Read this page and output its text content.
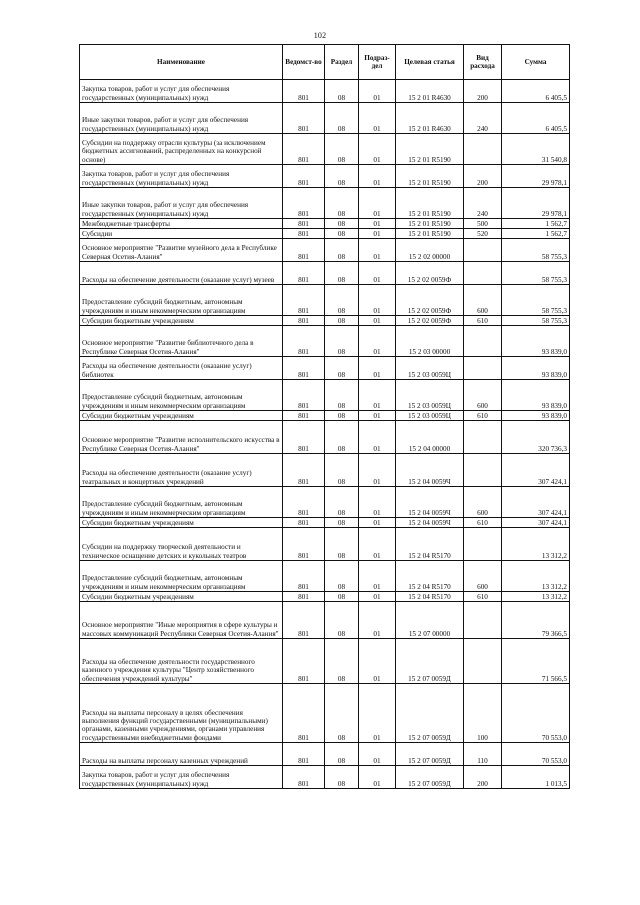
102
Наименование	Ведомст-во	Раздел	Подраз-дел	Целевая статья	Вид расхода	Сумма
Закупка товаров, работ и услуг для обеспечения государственных (муниципальных) нужд	801	08	01	15 2 01 R4630	200	6 405,5
Иные закупки товаров, работ и услуг для обеспечения государственных (муниципальных) нужд	801	08	01	15 2 01 R4630	240	6 405,5
Субсидии на поддержку отрасли культуры (за исключением бюджетных ассигнований, распределенных на конкурсной основе)	801	08	01	15 2 01 R5190		31 540,8
Закупка товаров, работ и услуг для обеспечения государственных (муниципальных) нужд	801	08	01	15 2 01 R5190	200	29 978,1
Иные закупки товаров, работ и услуг для обеспечения государственных (муниципальных) нужд	801	08	01	15 2 01 R5190	240	29 978,1
Межбюджетные трансферты	801	08	01	15 2 01 R5190	500	1 562,7
Субсидии	801	08	01	15 2 01 R5190	520	1 562,7
Основное мероприятие "Развитие музейного дела в Республике Северная Осетия-Алания"	801	08	01	15 2 02 00000		58 755,3
Расходы на обеспечение деятельности (оказание услуг) музеев	801	08	01	15 2 02 0059Ф		58 755,3
Предоставление субсидий бюджетным, автономным учреждениям и иным некоммерческим организациям	801	08	01	15 2 02 0059Ф	600	58 755,3
Субсидии бюджетным учреждениям	801	08	01	15 2 02 0059Ф	610	58 755,3
Основное мероприятие "Развитие библиотечного дела в Республике Северная Осетия-Алания"	801	08	01	15 2 03 00000		93 839,0
Расходы на обеспечение деятельности (оказание услуг) библиотек	801	08	01	15 2 03 0059Ц		93 839,0
Предоставление субсидий бюджетным, автономным учреждениям и иным некоммерческим организациям	801	08	01	15 2 03 0059Ц	600	93 839,0
Субсидии бюджетным учреждениям	801	08	01	15 2 03 0059Ц	610	93 839,0
Основное мероприятие "Развитие исполнительского искусства в Республике Северная Осетия-Алания"	801	08	01	15 2 04 00000		320 736,3
Расходы на обеспечение деятельности (оказание услуг) театральных и концертных учреждений	801	08	01	15 2 04 0059Ч		307 424,1
Предоставление субсидий бюджетным, автономным учреждениям и иным некоммерческим организациям	801	08	01	15 2 04 0059Ч	600	307 424,1
Субсидии бюджетным учреждениям	801	08	01	15 2 04 0059Ч	610	307 424,1
Субсидии на поддержку творческой деятельности и техническое оснащение детских и кукольных театров	801	08	01	15 2 04 R5170		13 312,2
Предоставление субсидий бюджетным, автономным учреждениям и иным некоммерческим организациям	801	08	01	15 2 04 R5170	600	13 312,2
Субсидии бюджетным учреждениям	801	08	01	15 2 04 R5170	610	13 312,2
Основное мероприятие "Иные мероприятия в сфере культуры и массовых коммуникаций Республики Северная Осетия-Алания"	801	08	01	15 2 07 00000		79 366,5
Расходы на обеспечение деятельности государственного казенного учреждения культуры "Центр хозяйственного обеспечения учреждений культуры"	801	08	01	15 2 07 0059Д		71 566,5
Расходы на выплаты персоналу в целях обеспечения выполнения функций государственными (муниципальными) органами, казенными учреждениями, органами управления государственными внебюджетными фондами	801	08	01	15 2 07 0059Д	100	70 553,0
Расходы на выплаты персоналу казенных учреждений	801	08	01	15 2 07 0059Д	110	70 553,0
Закупка товаров, работ и услуг для обеспечения государственных (муниципальных) нужд	801	08	01	15 2 07 0059Д	200	1 013,5
